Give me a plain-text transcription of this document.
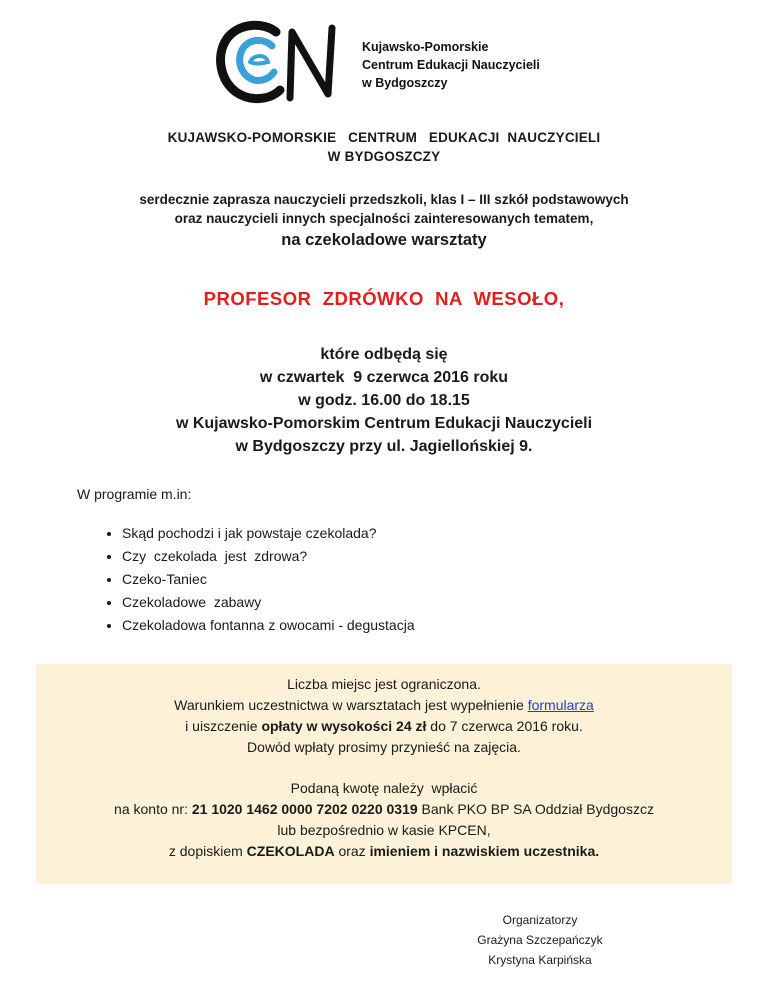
Kujawsko-Pomorskie
Centrum Edukacji Nauczycieli
w Bydgoszczy
KUJAWSKO-POMORSKIE   CENTRUM   EDUKACJI  NAUCZYCIELI
W BYDGOSZCZY
serdecznie zaprasza nauczycieli przedszkoli, klas I – III szkół podstawowych
oraz nauczycieli innych specjalności zainteresowanych tematem,
na czekoladowe warsztaty
PROFESOR  ZDRÓWKO  NA  WESOŁO,
które odbędą się
w czwartek  9 czerwca 2016 roku
w godz. 16.00 do 18.15
w Kujawsko-Pomorskim Centrum Edukacji Nauczycieli
w Bydgoszczy przy ul. Jagiellońskiej 9.
W programie m.in:
• Skąd pochodzi i jak powstaje czekolada?
• Czy  czekolada  jest  zdrowa?
• Czeko-Taniec
• Czekoladowe  zabawy
• Czekoladowa fontanna z owocami - degustacja
Liczba miejsc jest ograniczona.
Warunkiem uczestnictwa w warsztatach jest wypełnienie formularza
i uiszczenie opłaty w wysokości 24 zł do 7 czerwca 2016 roku.
Dowód wpłaty prosimy przynieść na zajęcia.
Podaną kwotę należy  wpłacić
na konto nr: 21 1020 1462 0000 7202 0220 0319 Bank PKO BP SA Oddział Bydgoszcz
lub bezpośrednio w kasie KPCEN,
z dopiskiem CZEKOLADA oraz imieniem i nazwiskiem uczestnika.
Organizatorzy
Grażyna Szczepańczyk
Krystyna Karpińska
